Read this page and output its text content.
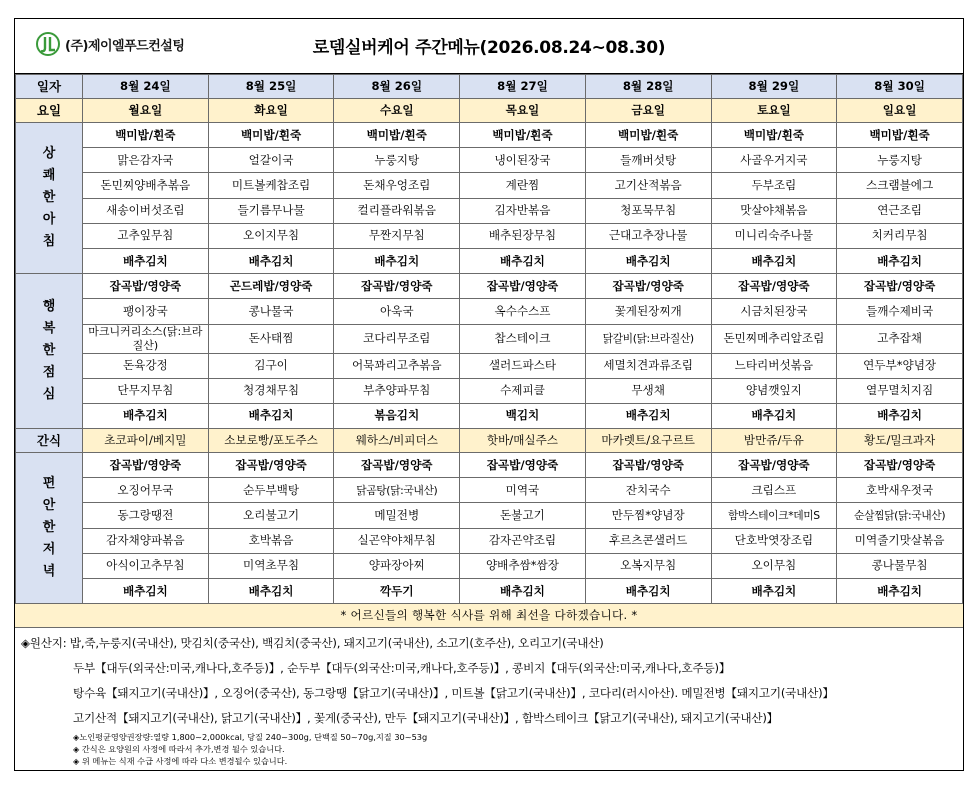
(주)제이엘푸드컨설팅	로뎀실버케어 주간메뉴(2026.08.24~08.30)
일자	8월 24일	8월 25일	8월 26일	8월 27일	8월 28일	8월 29일	8월 30일
요일	월요일	화요일	수요일	목요일	금요일	토요일	일요일
상
쾌
한
아
침	백미밥/흰죽	백미밥/흰죽	백미밥/흰죽	백미밥/흰죽	백미밥/흰죽	백미밥/흰죽	백미밥/흰죽
	맑은감자국	얼갈이국	누룽지탕	냉이된장국	들깨버섯탕	사골우거지국	누룽지탕
	돈민찌양배추볶음	미트볼케찹조림	돈채우엉조림	계란찜	고기산적볶음	두부조림	스크램블에그
	새송이버섯조림	들기름무나물	컬리플라워볶음	김자반볶음	청포묵무침	맛살야채볶음	연근조림
	고추잎무침	오이지무침	무짠지무침	배추된장무침	근대고추장나물	미니리숙주나물	치커리무침
	배추김치	배추김치	배추김치	배추김치	배추김치	배추김치	배추김치
행
복
한
점
심	잡곡밥/영양죽	곤드레밥/영양죽	잡곡밥/영양죽	잡곡밥/영양죽	잡곡밥/영양죽	잡곡밥/영양죽	잡곡밥/영양죽
	팽이장국	콩나물국	아욱국	옥수수스프	꽃게된장찌개	시금치된장국	들깨수제비국
	마크니커리소스(닭:브라질산)	돈사태찜	코다리무조림	찹스테이크	닭갈비(닭:브라질산)	돈민찌메추리알조림	고추잡채
	돈육강정	김구이	어묵꽈리고추볶음	샐러드파스타	세멸치견과류조림	느타리버섯볶음	연두부*양념장
	단무지무침	청경채무침	부추양파무침	수제피클	무생채	양념깻잎지	열무멸치지짐
	배추김치	배추김치	볶음김치	백김치	배추김치	배추김치	배추김치
간식	초코파이/베지밀	소보로빵/포도주스	웨하스/비피더스	핫바/매실주스	마카렛트/요구르트	밤만쥬/두유	황도/밀크과자
편
안
한
저
녁	잡곡밥/영양죽	잡곡밥/영양죽	잡곡밥/영양죽	잡곡밥/영양죽	잡곡밥/영양죽	잡곡밥/영양죽	잡곡밥/영양죽
	오징어무국	순두부백탕	닭곰탕(닭:국내산)	미역국	잔치국수	크림스프	호박새우젓국
	동그랑땡전	오리불고기	메밀전병	돈불고기	만두찜*양념장	함박스테이크*데미S	순살찜닭(닭:국내산)
	감자채양파볶음	호박볶음	실곤약야채무침	감자곤약조림	후르츠콘샐러드	단호박엿장조림	미역줄기맛살볶음
	아식이고추무침	미역초무침	양파장아찌	양배추쌈*쌈장	오복지무침	오이무침	콩나물무침
	배추김치	배추김치	깍두기	배추김치	배추김치	배추김치	배추김치
* 어르신들의 행복한 식사를 위해 최선을 다하겠습니다. *
◈원산지: 밥,죽,누룽지(국내산), 맛김치(중국산), 백김치(중국산), 돼지고기(국내산), 소고기(호주산), 오리고기(국내산)
두부【대두(외국산:미국,캐나다,호주등)】, 순두부【대두(외국산:미국,캐나다,호주등)】, 콩비지【대두(외국산:미국,캐나다,호주등)】
탕수육【돼지고기(국내산)】, 오징어(중국산), 동그랑땡【닭고기(국내산)】, 미트볼【닭고기(국내산)】, 코다리(러시아산). 메밀전병【돼지고기(국내산)】
고기산적【돼지고기(국내산), 닭고기(국내산)】, 꽃게(중국산), 만두【돼지고기(국내산)】, 함박스테이크【닭고기(국내산), 돼지고기(국내산)】
◈노인평균영양권장량:열량 1,800~2,000kcal, 당질 240~300g, 단백질 50~70g,지질 30~53g
◈ 간식은 요양원의 사정에 따라서 추가,변경 될수 있습니다.
◈ 위 메뉴는 식재 수급 사정에 따라 다소 변경될수 있습니다.
